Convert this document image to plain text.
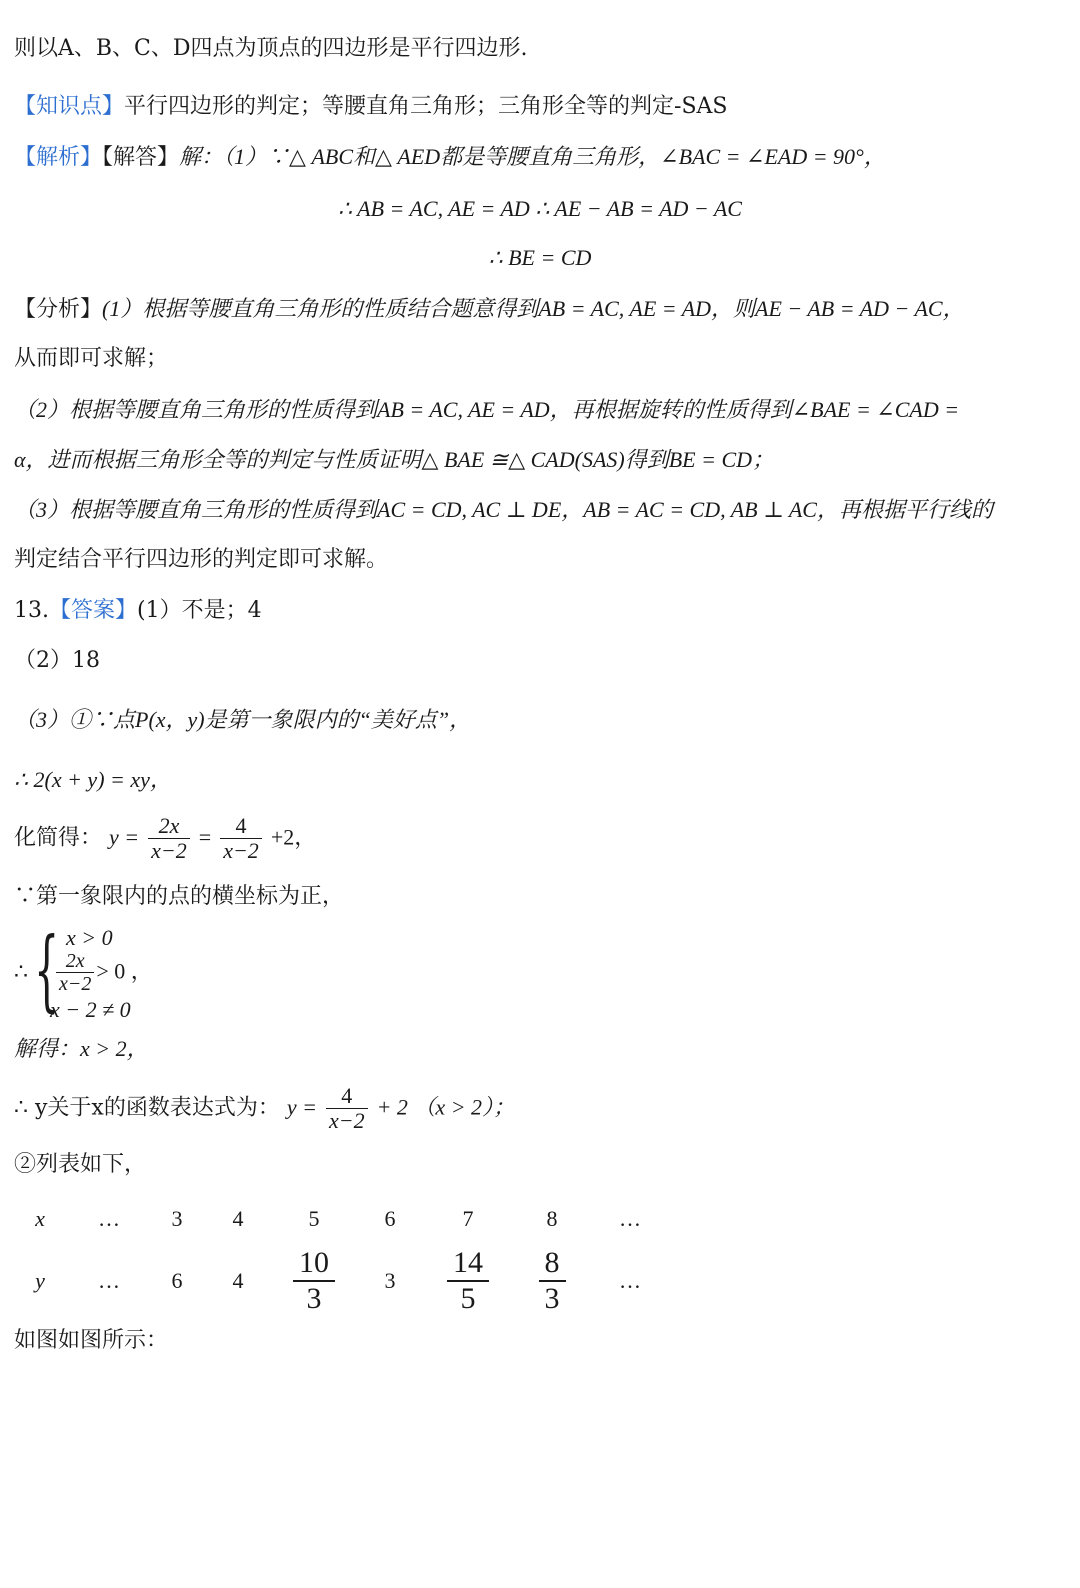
则以A、B、C、D四点为顶点的四边形是平行四边形.
【知识点】平行四边形的判定；等腰直角三角形；三角形全等的判定-SAS
【解析】【解答】解：（1）∵△ ABC和△ AED都是等腰直角三角形，∠BAC = ∠EAD = 90°，
∴ AB = AC, AE = AD ∴ AE − AB = AD − AC
∴ BE = CD
【分析】(1）根据等腰直角三角形的性质结合题意得到AB = AC, AE = AD，则AE − AB = AD − AC，
从而即可求解；
（2）根据等腰直角三角形的性质得到AB = AC, AE = AD，再根据旋转的性质得到∠BAE = ∠CAD =
α，进而根据三角形全等的判定与性质证明△ BAE ≅△ CAD(SAS)得到BE = CD；
（3）根据等腰直角三角形的性质得到AC = CD, AC ⊥ DE，AB = AC = CD, AB ⊥ AC，再根据平行线的
判定结合平行四边形的判定即可求解。
13.【答案】(1）不是；4
（2）18
（3）①∵点P(x，y)是第一象限内的“美好点”，
∴ 2(x + y) = xy，
化简得： $y = \frac{2x}{x-2} = \frac{4}{x-2} +2$，
∵第一象限内的点的横坐标为正，
∴ { x > 0
$\frac{2x}{x-2} > 0$ ，
x − 2 ≠ 0
解得：x > 2，
∴ y关于x的函数表达式为： $y = \frac{4}{x-2} + 2$ （x > 2）；
②列表如下，
x	…	3	4	5	6	7	8	…
y	…	6	4	$\frac{10}{3}$	3	$\frac{14}{5}$	$\frac{8}{3}$	…
如图如图所示：
